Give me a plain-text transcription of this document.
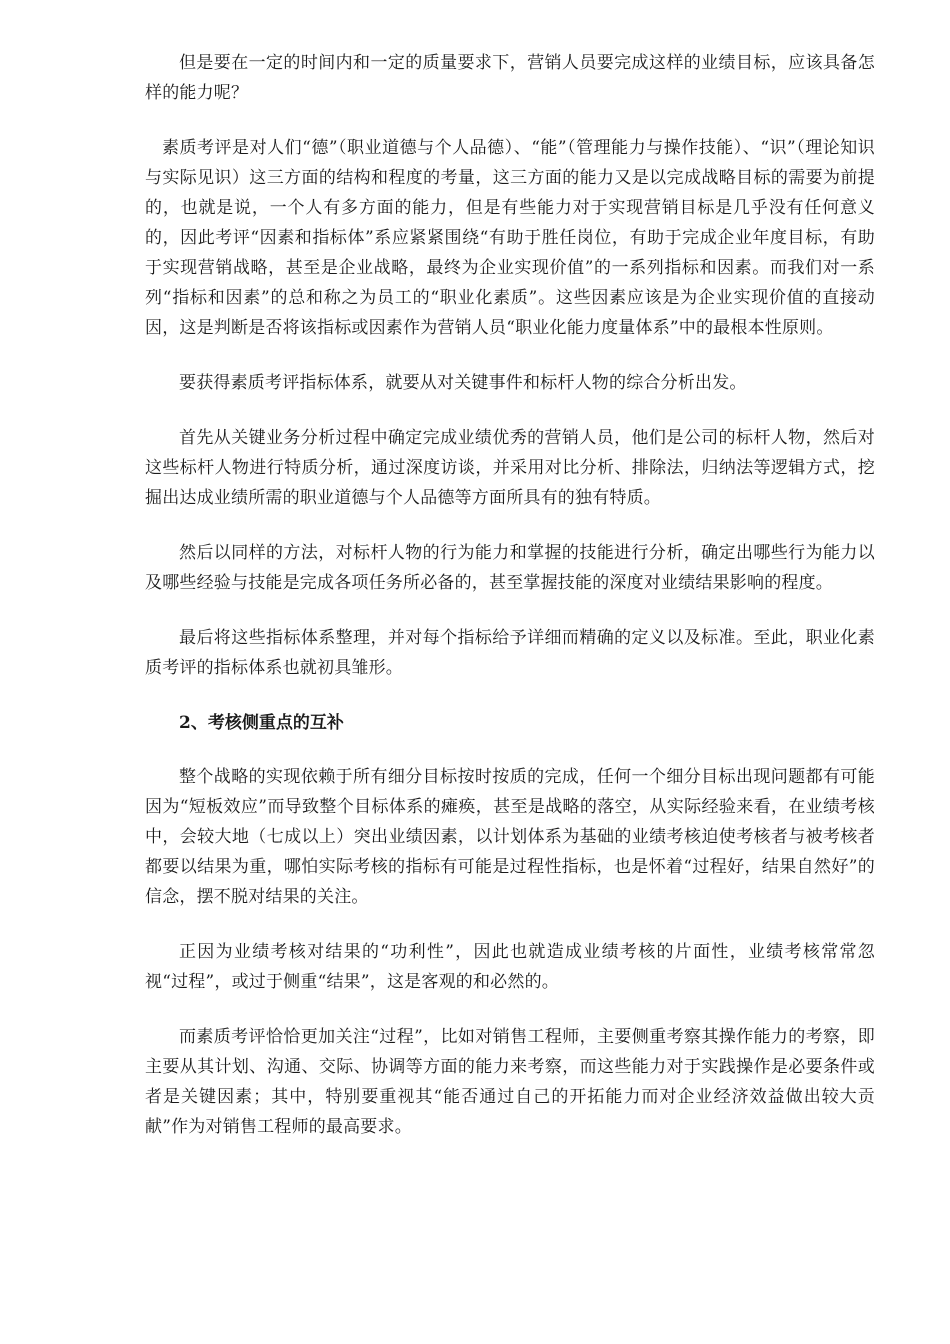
但是要在一定的时间内和一定的质量要求下，营销人员要完成这样的业绩目标，应该具备怎样的能力呢？

素质考评是对人们“德”（职业道德与个人品德）、“能”（管理能力与操作技能）、“识”（理论知识与实际见识）这三方面的结构和程度的考量，这三方面的能力又是以完成战略目标的需要为前提的，也就是说，一个人有多方面的能力，但是有些能力对于实现营销目标是几乎没有任何意义的，因此考评“因素和指标体”系应紧紧围绕“有助于胜任岗位，有助于完成企业年度目标，有助于实现营销战略，甚至是企业战略，最终为企业实现价值”的一系列指标和因素。而我们对一系列“指标和因素”的总和称之为员工的“职业化素质”。这些因素应该是为企业实现价值的直接动因，这是判断是否将该指标或因素作为营销人员“职业化能力度量体系”中的最根本性原则。

要获得素质考评指标体系，就要从对关键事件和标杆人物的综合分析出发。

首先从关键业务分析过程中确定完成业绩优秀的营销人员，他们是公司的标杆人物，然后对这些标杆人物进行特质分析，通过深度访谈，并采用对比分析、排除法，归纳法等逻辑方式，挖掘出达成业绩所需的职业道德与个人品德等方面所具有的独有特质。

然后以同样的方法，对标杆人物的行为能力和掌握的技能进行分析，确定出哪些行为能力以及哪些经验与技能是完成各项任务所必备的，甚至掌握技能的深度对业绩结果影响的程度。

最后将这些指标体系整理，并对每个指标给予详细而精确的定义以及标准。至此，职业化素质考评的指标体系也就初具雏形。

2、考核侧重点的互补

整个战略的实现依赖于所有细分目标按时按质的完成，任何一个细分目标出现问题都有可能因为“短板效应”而导致整个目标体系的瘫痪，甚至是战略的落空，从实际经验来看，在业绩考核中，会较大地（七成以上）突出业绩因素，以计划体系为基础的业绩考核迫使考核者与被考核者都要以结果为重，哪怕实际考核的指标有可能是过程性指标，也是怀着“过程好，结果自然好”的信念，摆不脱对结果的关注。

正因为业绩考核对结果的“功利性”，因此也就造成业绩考核的片面性，业绩考核常常忽视“过程”，或过于侧重“结果”，这是客观的和必然的。

而素质考评恰恰更加关注“过程”，比如对销售工程师，主要侧重考察其操作能力的考察，即主要从其计划、沟通、交际、协调等方面的能力来考察，而这些能力对于实践操作是必要条件或者是关键因素；其中，特别要重视其“能否通过自己的开拓能力而对企业经济效益做出较大贡献”作为对销售工程师的最高要求。
